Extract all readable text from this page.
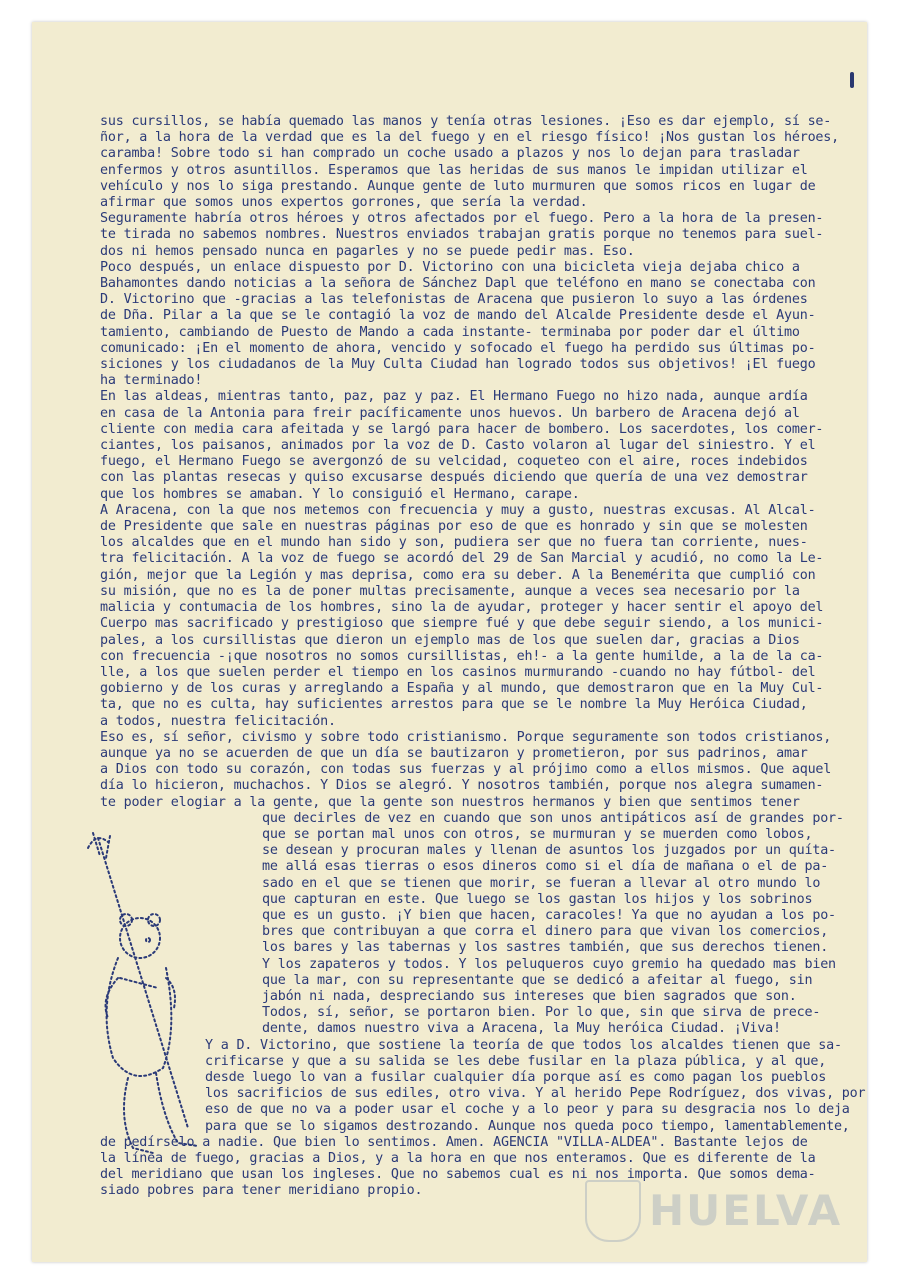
sus cursillos, se había quemado las manos y tenía otras lesiones. ¡Eso es dar ejemplo, sí se-

ñor, a la hora de la verdad que es la del fuego y en el riesgo físico! ¡Nos gustan los héroes,

caramba! Sobre todo si han comprado un coche usado a plazos y nos lo dejan para trasladar

enfermos y otros asuntillos. Esperamos que las heridas de sus manos le impidan utilizar el

vehículo y nos lo siga prestando. Aunque gente de luto murmuren que somos ricos en lugar de

afirmar que somos unos expertos gorrones, que sería la verdad.

Seguramente habría otros héroes y otros afectados por el fuego. Pero a la hora de la presen-

te tirada no sabemos nombres. Nuestros enviados trabajan gratis porque no tenemos para suel-

dos ni hemos pensado nunca en pagarles y no se puede pedir mas. Eso.

Poco después, un enlace dispuesto por D. Victorino con una bicicleta vieja dejaba chico a

Bahamontes dando noticias a la señora de Sánchez Dapl que teléfono en mano se conectaba con

D. Victorino que -gracias a las telefonistas de Aracena que pusieron lo suyo a las órdenes

de Dña. Pilar a la que se le contagió la voz de mando del Alcalde Presidente desde el Ayun-

tamiento, cambiando de Puesto de Mando a cada instante- terminaba por poder dar el último

comunicado: ¡En el momento de ahora, vencido y sofocado el fuego ha perdido sus últimas po-

siciones y los ciudadanos de la Muy Culta Ciudad han logrado todos sus objetivos! ¡El fuego

ha terminado!

En las aldeas, mientras tanto, paz, paz y paz. El Hermano Fuego no hizo nada, aunque ardía

en casa de la Antonia para freir pacíficamente unos huevos. Un barbero de Aracena dejó al

cliente con media cara afeitada y se largó para hacer de bombero. Los sacerdotes, los comer-

ciantes, los paisanos, animados por la voz de D. Casto volaron al lugar del siniestro. Y el

fuego, el Hermano Fuego se avergonzó de su velcidad, coqueteo con el aire, roces indebidos

con las plantas resecas y quiso excusarse después diciendo que quería de una vez demostrar

que los hombres se amaban. Y lo consiguió el Hermano, carape.

A Aracena, con la que nos metemos con frecuencia y muy a gusto, nuestras excusas. Al Alcal-

de Presidente que sale en nuestras páginas por eso de que es honrado y sin que se molesten

los alcaldes que en el mundo han sido y son, pudiera ser que no fuera tan corriente, nues-

tra felicitación. A la voz de fuego se acordó del 29 de San Marcial y acudió, no como la Le-

gión, mejor que la Legión y mas deprisa, como era su deber. A la Benemérita que cumplió con

su misión, que no es la de poner multas precisamente, aunque a veces sea necesario por la

malicia y contumacia de los hombres, sino la de ayudar, proteger y hacer sentir el apoyo del

Cuerpo mas sacrificado y prestigioso que siempre fué y que debe seguir siendo, a los munici-

pales, a los cursillistas que dieron un ejemplo mas de los que suelen dar, gracias a Dios

con frecuencia -¡que nosotros no somos cursillistas, eh!- a la gente humilde, a la de la ca-

lle, a los que suelen perder el tiempo en los casinos murmurando -cuando no hay fútbol- del

gobierno y de los curas y arreglando a España y al mundo, que demostraron que en la Muy Cul-

ta, que no es culta, hay suficientes arrestos para que se le nombre la Muy Heróica Ciudad,

a todos, nuestra felicitación.

Eso es, sí señor, civismo y sobre todo cristianismo. Porque seguramente son todos cristianos,

aunque ya no se acuerden de que un día se bautizaron y prometieron, por sus padrinos, amar

a Dios con todo su corazón, con todas sus fuerzas y al prójimo como a ellos mismos. Que aquel

día lo hicieron, muchachos. Y Dios se alegró. Y nosotros también, porque nos alegra sumamen-

te poder elogiar a la gente, que la gente son nuestros hermanos y bien que sentimos tener

que decirles de vez en cuando que son unos antipáticos así de grandes por-

que se portan mal unos con otros, se murmuran y se muerden como lobos,

se desean y procuran males y llenan de asuntos los juzgados por un quíta-

me allá esas tierras o esos dineros como si el día de mañana o el de pa-

sado en el que se tienen que morir, se fueran a llevar al otro mundo lo

que capturan en este. Que luego se los gastan los hijos y los sobrinos

que es un gusto. ¡Y bien que hacen, caracoles! Ya que no ayudan a los po-

bres que contribuyan a que corra el dinero para que vivan los comercios,

los bares y las tabernas y los sastres también, que sus derechos tienen.

Y los zapateros y todos. Y los peluqueros cuyo gremio ha quedado mas bien

que la mar, con su representante que se dedicó a afeitar al fuego, sin

jabón ni nada, despreciando sus intereses que bien sagrados que son.

Todos, sí, señor, se portaron bien. Por lo que, sin que sirva de prece-

dente, damos nuestro viva a Aracena, la Muy heróica Ciudad. ¡Viva!

Y a D. Victorino, que sostiene la teoría de que todos los alcaldes tienen que sa-

crificarse y que a su salida se les debe fusilar en la plaza pública, y al que,

desde luego lo van a fusilar cualquier día porque así es como pagan los pueblos

los sacrificios de sus ediles, otro viva. Y al herido Pepe Rodríguez, dos vivas, por

eso de que no va a poder usar el coche y a lo peor y para su desgracia nos lo deja

para que se lo sigamos destrozando. Aunque nos queda poco tiempo, lamentablemente,

de pedírselo a nadie. Que bien lo sentimos. Amen. AGENCIA "VILLA-ALDEA". Bastante lejos de

la línea de fuego, gracias a Dios, y a la hora en que nos enteramos. Que es diferente de la

del meridiano que usan los ingleses. Que no sabemos cual es ni nos importa. Que somos dema-

siado pobres para tener meridiano propio.	HUELVA
